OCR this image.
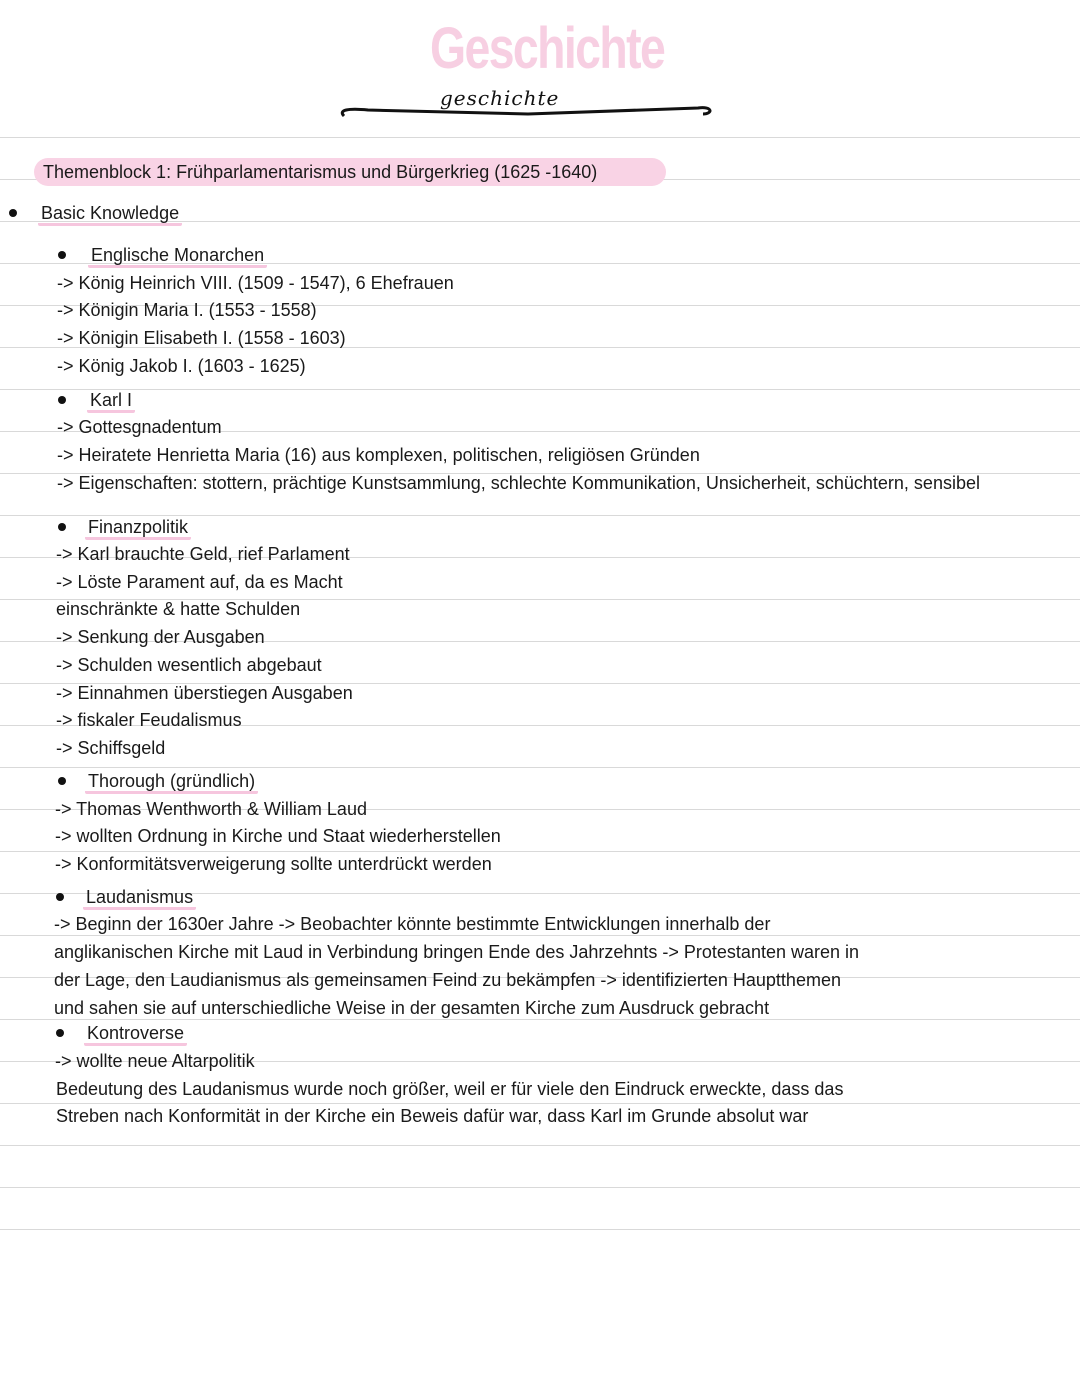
Geschichte
geschichte
Themenblock 1: Frühparlamentarismus und Bürgerkrieg (1625 -1640)
Basic Knowledge
Englische Monarchen
-> König Heinrich VIII. (1509 - 1547), 6 Ehefrauen
-> Königin Maria I. (1553 - 1558)
-> Königin Elisabeth I. (1558 - 1603)
-> König Jakob I. (1603 - 1625)
Karl I
-> Gottesgnadentum
-> Heiratete Henrietta Maria (16) aus komplexen, politischen, religiösen Gründen
-> Eigenschaften: stottern, prächtige Kunstsammlung, schlechte Kommunikation, Unsicherheit, schüchtern, sensibel
Finanzpolitik
-> Karl brauchte Geld, rief Parlament
-> Löste Parament auf, da es Macht
einschränkte & hatte Schulden
-> Senkung der Ausgaben
-> Schulden wesentlich abgebaut
-> Einnahmen überstiegen Ausgaben
-> fiskaler Feudalismus
-> Schiffsgeld
Thorough (gründlich)
-> Thomas Wenthworth & William Laud
-> wollten Ordnung in Kirche und Staat wiederherstellen
-> Konformitätsverweigerung sollte unterdrückt werden
Laudanismus
-> Beginn der 1630er Jahre -> Beobachter könnte bestimmte Entwicklungen innerhalb der
anglikanischen Kirche mit Laud in Verbindung bringen Ende des Jahrzehnts -> Protestanten waren in
der Lage, den Laudianismus als gemeinsamen Feind zu bekämpfen -> identifizierten Hauptthemen
und sahen sie auf unterschiedliche Weise in der gesamten Kirche zum Ausdruck gebracht
Kontroverse
-> wollte neue Altarpolitik
Bedeutung des Laudanismus wurde noch größer, weil er für viele den Eindruck erweckte, dass das
Streben nach Konformität in der Kirche ein Beweis dafür war, dass Karl im Grunde absolut war
